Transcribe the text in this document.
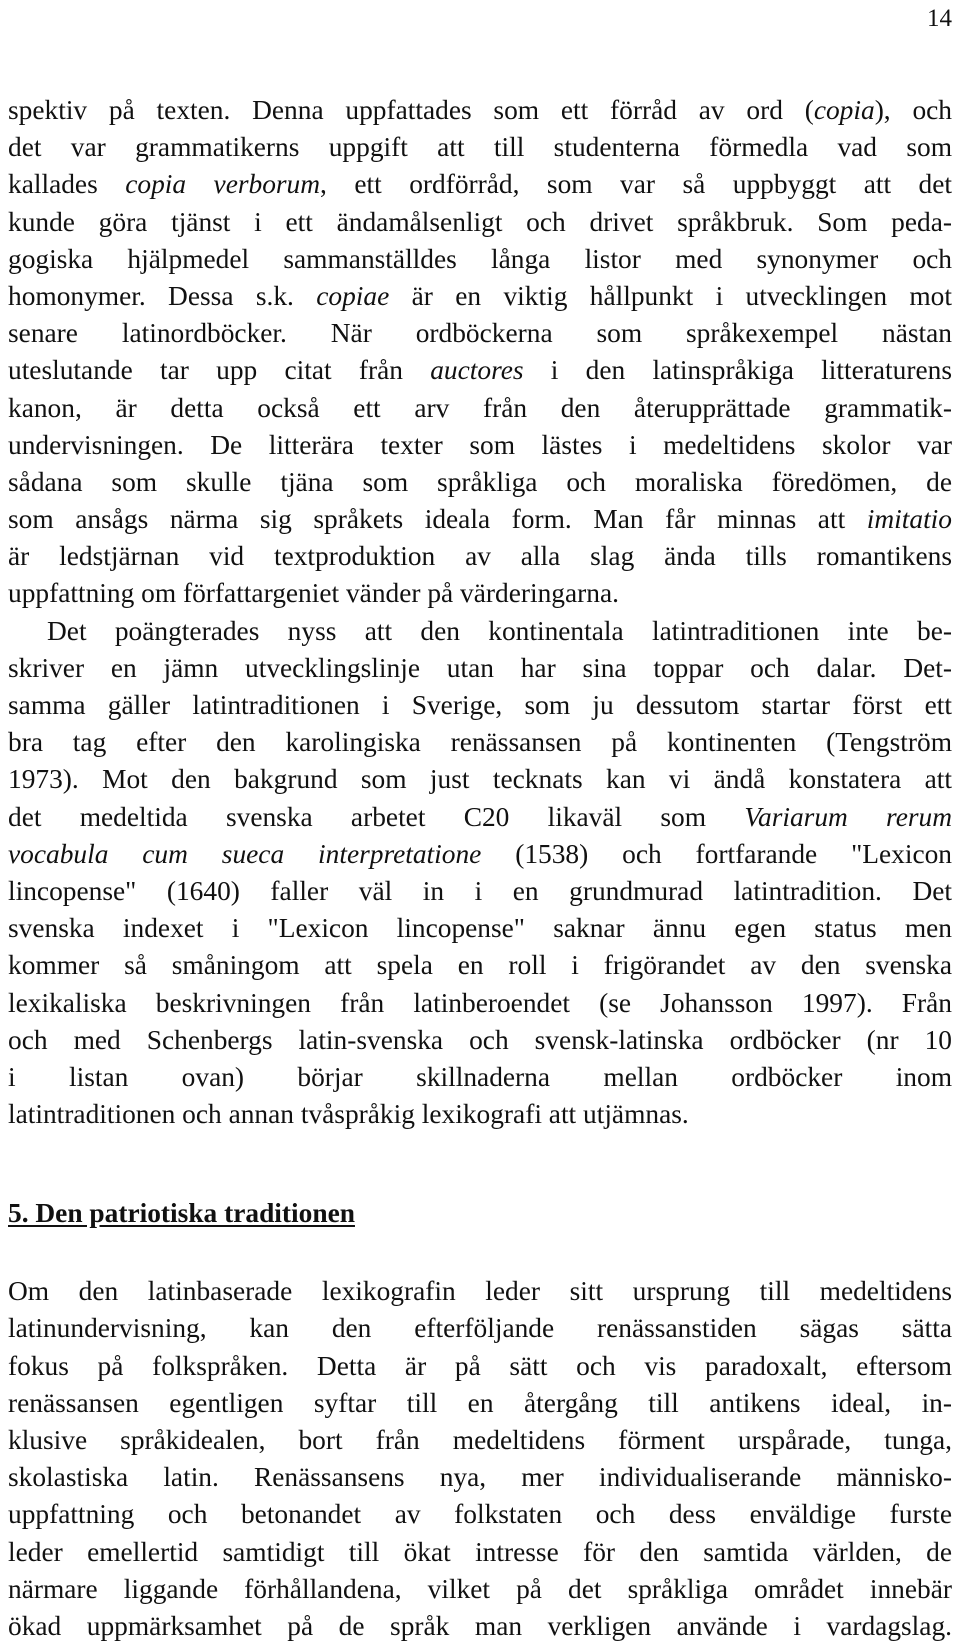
14
spektiv på texten. Denna uppfattades som ett förråd av ord (copia), och
det var grammatikerns uppgift att till studenterna förmedla vad som
kallades copia verborum, ett ordförråd, som var så uppbyggt att det
kunde göra tjänst i ett ändamålsenligt och drivet språkbruk. Som peda-
gogiska hjälpmedel sammanställdes långa listor med synonymer och
homonymer. Dessa s.k. copiae är en viktig hållpunkt i utvecklingen mot
senare latinordböcker. När ordböckerna som språkexempel nästan
uteslutande tar upp citat från auctores i den latinspråkiga litteraturens
kanon, är detta också ett arv från den återupprättade grammatik-
undervisningen. De litterära texter som lästes i medeltidens skolor var
sådana som skulle tjäna som språkliga och moraliska föredömen, de
som ansågs närma sig språkets ideala form. Man får minnas att imitatio
är ledstjärnan vid textproduktion av alla slag ända tills romantikens
uppfattning om författargeniet vänder på värderingarna.
Det poängterades nyss att den kontinentala latintraditionen inte be-
skriver en jämn utvecklingslinje utan har sina toppar och dalar. Det-
samma gäller latintraditionen i Sverige, som ju dessutom startar först ett
bra tag efter den karolingiska renässansen på kontinenten (Tengström
1973). Mot den bakgrund som just tecknats kan vi ändå konstatera att
det medeltida svenska arbetet C20 likaväl som Variarum rerum
vocabula cum sueca interpretatione (1538) och fortfarande "Lexicon
lincopense" (1640) faller väl in i en grundmurad latintradition. Det
svenska indexet i "Lexicon lincopense" saknar ännu egen status men
kommer så småningom att spela en roll i frigörandet av den svenska
lexikaliska beskrivningen från latinberoendet (se Johansson 1997). Från
och med Schenbergs latin-svenska och svensk-latinska ordböcker (nr 10
i listan ovan) börjar skillnaderna mellan ordböcker inom
latintraditionen och annan tvåspråkig lexikografi att utjämnas.
5. Den patriotiska traditionen
Om den latinbaserade lexikografin leder sitt ursprung till medeltidens
latinundervisning, kan den efterföljande renässanstiden sägas sätta
fokus på folkspråken. Detta är på sätt och vis paradoxalt, eftersom
renässansen egentligen syftar till en återgång till antikens ideal, in-
klusive språkidealen, bort från medeltidens förment urspårade, tunga,
skolastiska latin. Renässansens nya, mer individualiserande människo-
uppfattning och betonandet av folkstaten och dess enväldige furste
leder emellertid samtidigt till ökat intresse för den samtida världen, de
närmare liggande förhållandena, vilket på det språkliga området innebär
ökad uppmärksamhet på de språk man verkligen använde i vardagslag.
